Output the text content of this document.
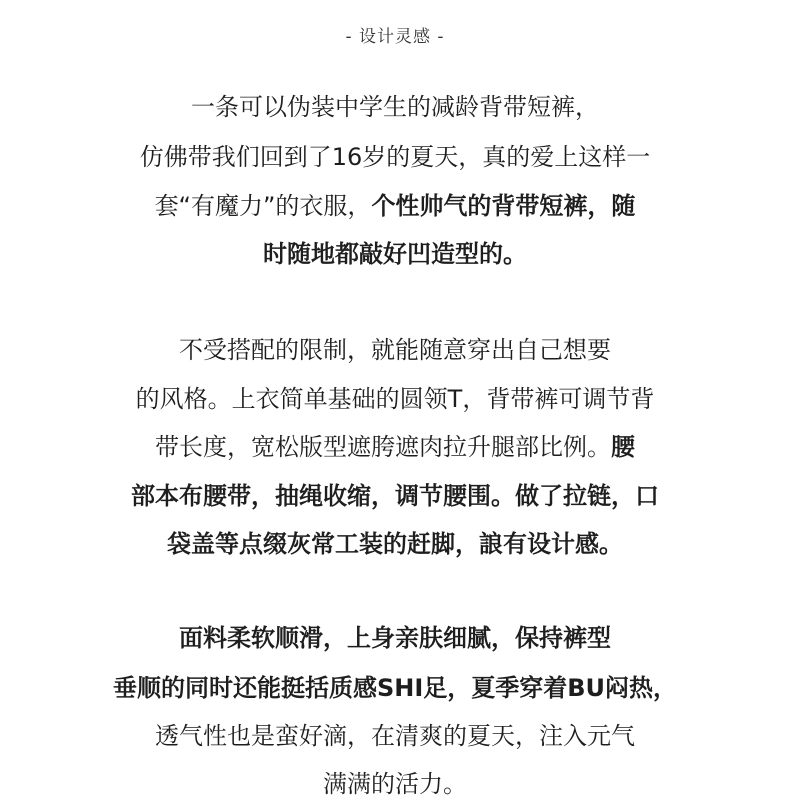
- 设计灵感 -
一条可以伪装中学生的减龄背带短裤，
仿佛带我们回到了16岁的夏天，真的爱上这样一
套“有魔力”的衣服，个性帅气的背带短裤，随
时随地都敲好凹造型的。
不受搭配的限制，就能随意穿出自己想要
的风格。上衣简单基础的圆领T，背带裤可调节背
带长度，宽松版型遮胯遮肉拉升腿部比例。腰
部本布腰带，抽绳收缩，调节腰围。做了拉链，口
袋盖等点缀灰常工装的赶脚，誏有设计感。
面料柔软顺滑，上身亲肤细腻，保持裤型
垂顺的同时还能挺括质感SHI足，夏季穿着BU闷热，
透气性也是蛮好滴，在清爽的夏天，注入元气
满满的活力。
